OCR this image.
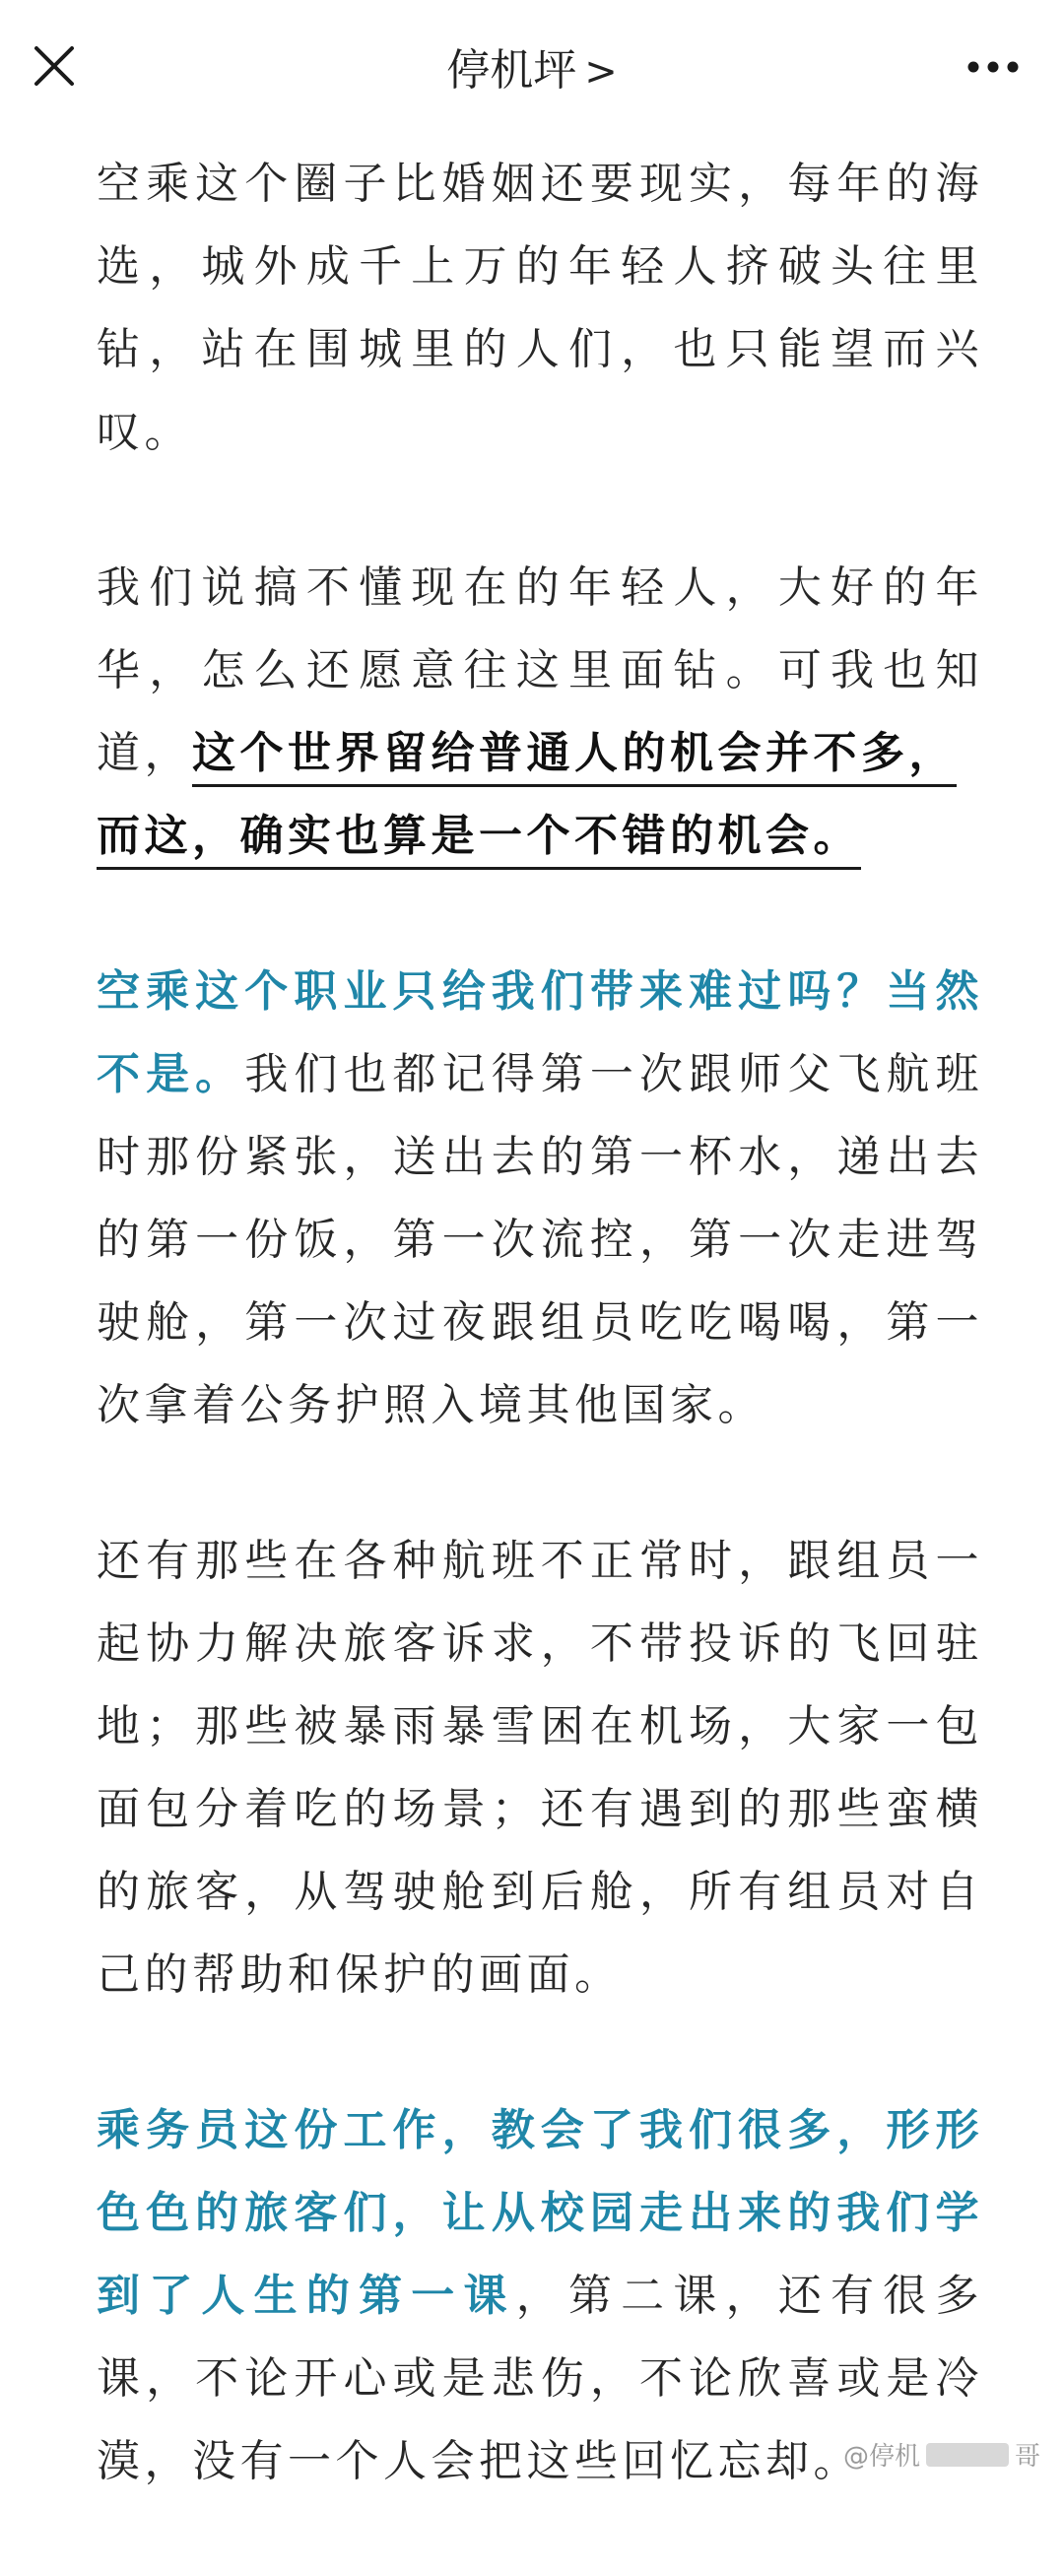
停机坪 >

空乘这个圈子比婚姻还要现实，每年的海选，城外成千上万的年轻人挤破头往里钻，站在围城里的人们，也只能望而兴叹。

我们说搞不懂现在的年轻人，大好的年华，怎么还愿意往这里面钻。可我也知道，这个世界留给普通人的机会并不多，
而这，确实也算是一个不错的机会。

空乘这个职业只给我们带来难过吗？当然不是。我们也都记得第一次跟师父飞航班时那份紧张，送出去的第一杯水，递出去的第一份饭，第一次流控，第一次走进驾驶舱，第一次过夜跟组员吃吃喝喝，第一次拿着公务护照入境其他国家。

还有那些在各种航班不正常时，跟组员一起协力解决旅客诉求，不带投诉的飞回驻地；那些被暴雨暴雪困在机场，大家一包面包分着吃的场景；还有遇到的那些蛮横的旅客，从驾驶舱到后舱，所有组员对自己的帮助和保护的画面。

乘务员这份工作，教会了我们很多，形形色色的旅客们，让从校园走出来的我们学到了人生的第一课，第二课，还有很多课，不论开心或是悲伤，不论欣喜或是冷漠，没有一个人会把这些回忆忘却。

@停机	哥
